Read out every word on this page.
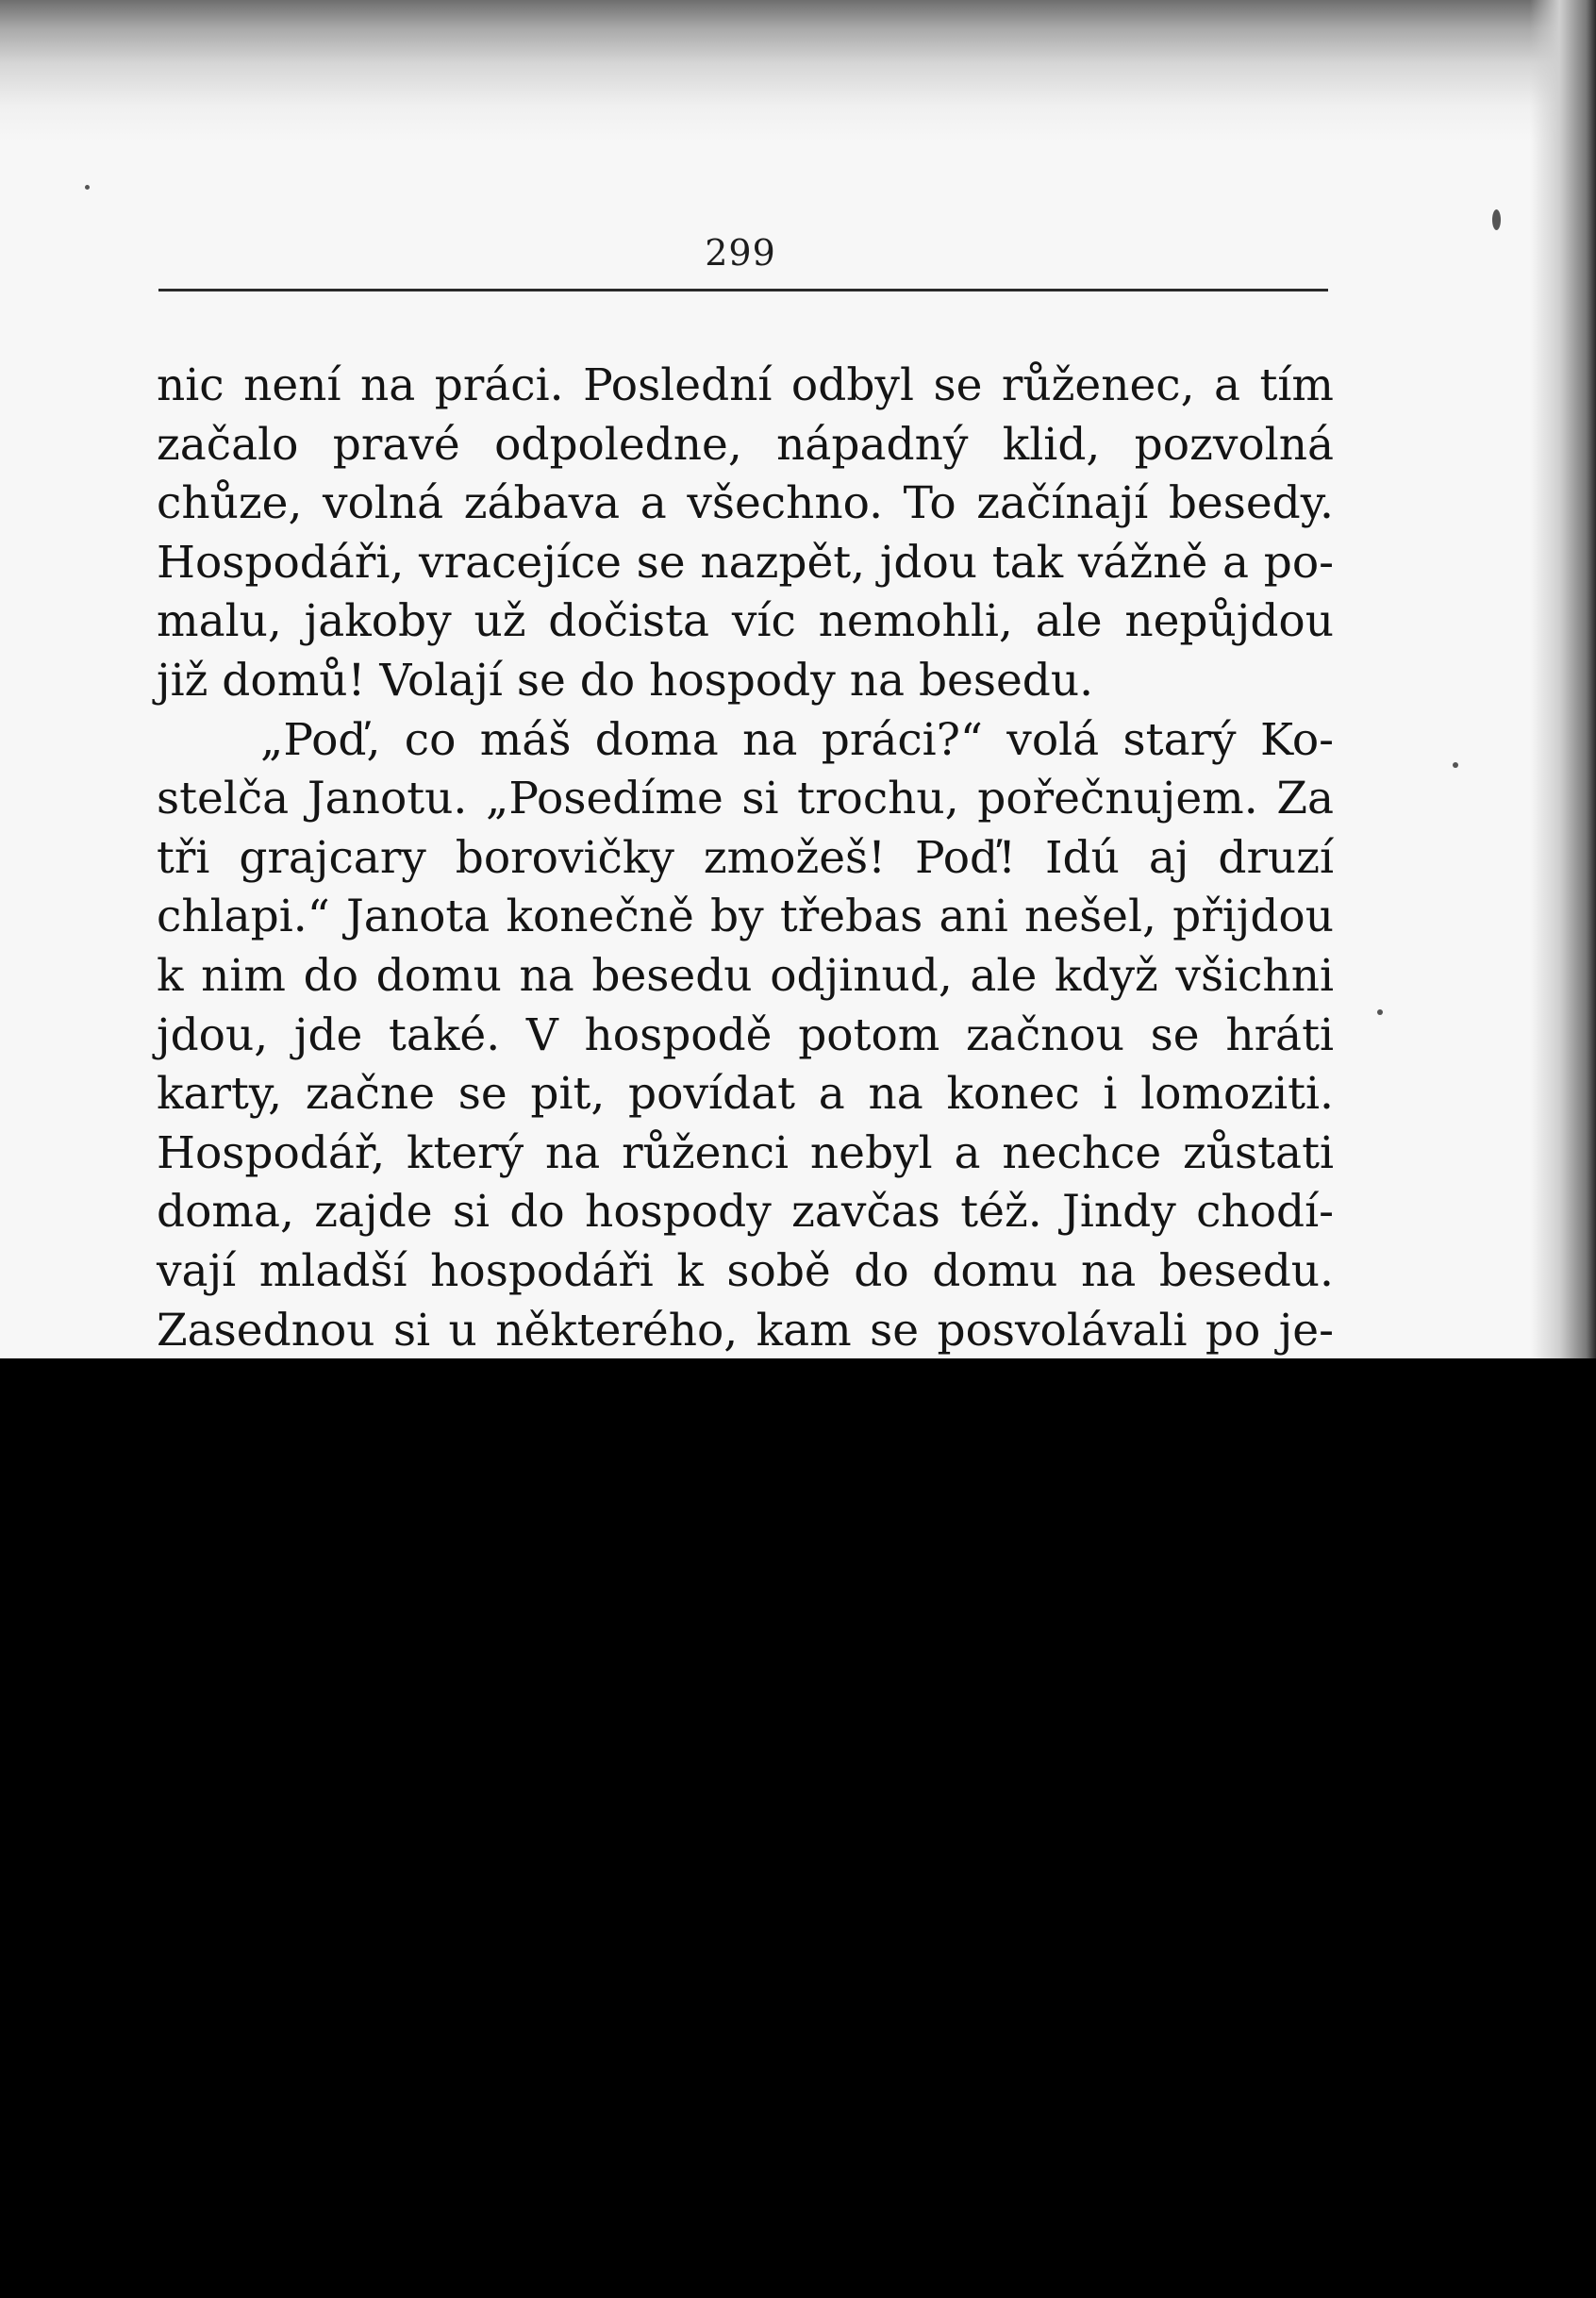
299
nic není na práci. Poslední odbyl se růženec, a tím
začalo pravé odpoledne, nápadný klid, pozvolná
chůze, volná zábava a všechno. To začínají besedy.
Hospodáři, vracejíce se nazpět, jdou tak vážně a po-
malu, jakoby už dočista víc nemohli, ale nepůjdou
již domů! Volají se do hospody na besedu.
„Poď, co máš doma na práci?“ volá starý Ko-
stelča Janotu. „Posedíme si trochu, pořečnujem. Za
tři grajcary borovičky zmožeš! Poď! Idú aj druzí
chlapi.“ Janota konečně by třebas ani nešel, přijdou
k nim do domu na besedu odjinud, ale když všichni
jdou, jde také. V hospodě potom začnou se hráti
karty, začne se pit, povídat a na konec i lomoziti.
Hospodář, který na růženci nebyl a nechce zůstati
doma, zajde si do hospody zavčas též. Jindy chodí-
vají mladší hospodáři k sobě do domu na besedu.
Zasednou si u některého, kam se posvolávali po je-
